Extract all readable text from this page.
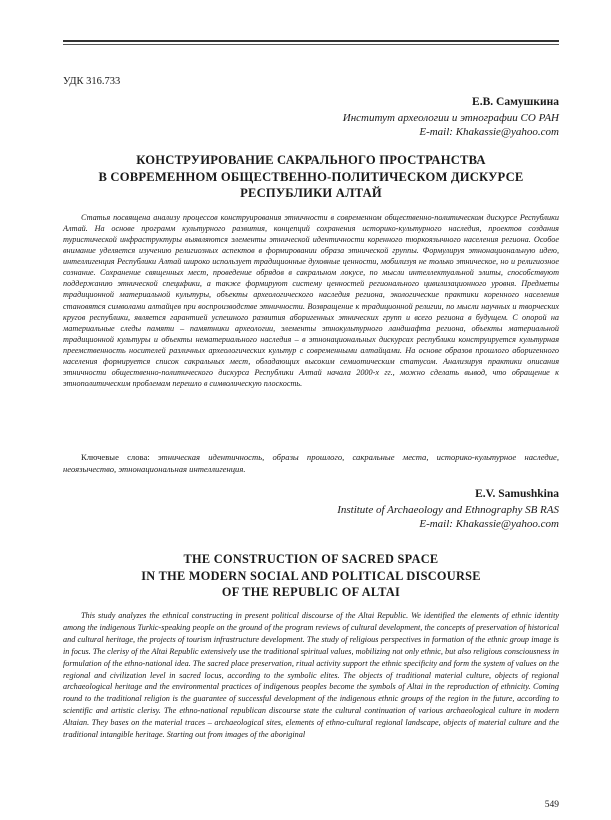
УДК 316.733
Е.В. Самушкина
Институт археологии и этнографии СО РАН
E-mail: Khakassie@yahoo.com
КОНСТРУИРОВАНИЕ САКРАЛЬНОГО ПРОСТРАНСТВА
В СОВРЕМЕННОМ ОБЩЕСТВЕННО-ПОЛИТИЧЕСКОМ ДИСКУРСЕ
РЕСПУБЛИКИ АЛТАЙ

Статья посвящена анализу процессов конструирования этничности в современном общественно-политическом дискурсе Республики Алтай. На основе программ культурного развития, концепций сохранения историко-культурного наследия, проектов создания туристической инфраструктуры выявляются элементы этнической идентичности коренного тюркоязычного населения региона. Особое внимание уделяется изучению религиозных аспектов в формировании образа этнической группы. Формулируя этнонациональную идею, интеллигенция Республики Алтай широко использует традиционные духовные ценности, мобилизуя не только этническое, но и религиозное сознание. Сохранение священных мест, проведение обрядов в сакральном локусе, по мысли интеллектуальной элиты, способствуют поддержанию этнической специфики, а также формируют систему ценностей регионального цивилизационного уровня. Предметы традиционной материальной культуры, объекты археологического наследия региона, экологические практики коренного населения становятся символами алтайцев при воспроизводстве этничности. Возвращение к традиционной религии, по мысли научных и творческих кругов республики, является гарантией успешного развития аборигенных этнических групп и всего региона в будущем. С опорой на материальные следы памяти – памятники археологии, элементы этнокультурного ландшафта региона, объекты материальной традиционной культуры и объекты нематериального наследия – в этнонациональных дискурсах республики конструируется культурная преемственность носителей различных археологических культур с современными алтайцами. На основе образов прошлого аборигенного населения формируется список сакральных мест, обладающих высоким семиотическим статусом. Анализируя практики описания этничности общественно-политического дискурса Республики Алтай начала 2000-х гг., можно сделать вывод, что обращение к этнополитическим проблемам перешло в символическую плоскость.

Ключевые слова: этническая идентичность, образы прошлого, сакральные места, историко-культурное наследие, неоязычество, этнонациональная интеллигенция.

E.V. Samushkina
Institute of Archaeology and Ethnography SB RAS
E-mail: Khakassie@yahoo.com
THE CONSTRUCTION OF SACRED SPACE
IN THE MODERN SOCIAL AND POLITICAL DISCOURSE
OF THE REPUBLIC OF ALTAI

This study analyzes the ethnical constructing in present political discourse of the Altai Republic. We identified the elements of ethnic identity among the indigenous Turkic-speaking people on the ground of the program reviews of cultural development, the concepts of preservation of historical and cultural heritage, the projects of tourism infrastructure development. The study of religious perspectives in formation of the ethnic group image is in focus. The clerisy of the Altai Republic extensively use the traditional spiritual values, mobilizing not only ethnic, but also religious consciousness in formulation of the ethno-national idea. The sacred place preservation, ritual activity support the ethnic specificity and form the system of values on the regional and civilization level in sacred locus, according to the symbolic elites. The objects of traditional material culture, objects of regional archaeological heritage and the environmental practices of indigenous peoples become the symbols of Altai in the reproduction of ethnicity. Coming round to the traditional religion is the guarantee of successful development of the indigenous ethnic groups of the region in the future, according to scientific and artistic clerisy. The ethno-national republican discourse state the cultural continuation of various archaeological culture in modern Altaian. They bases on the material traces – archaeological sites, elements of ethno-cultural regional landscape, objects of material culture and the traditional intangible heritage. Starting out from images of the aboriginal

549
